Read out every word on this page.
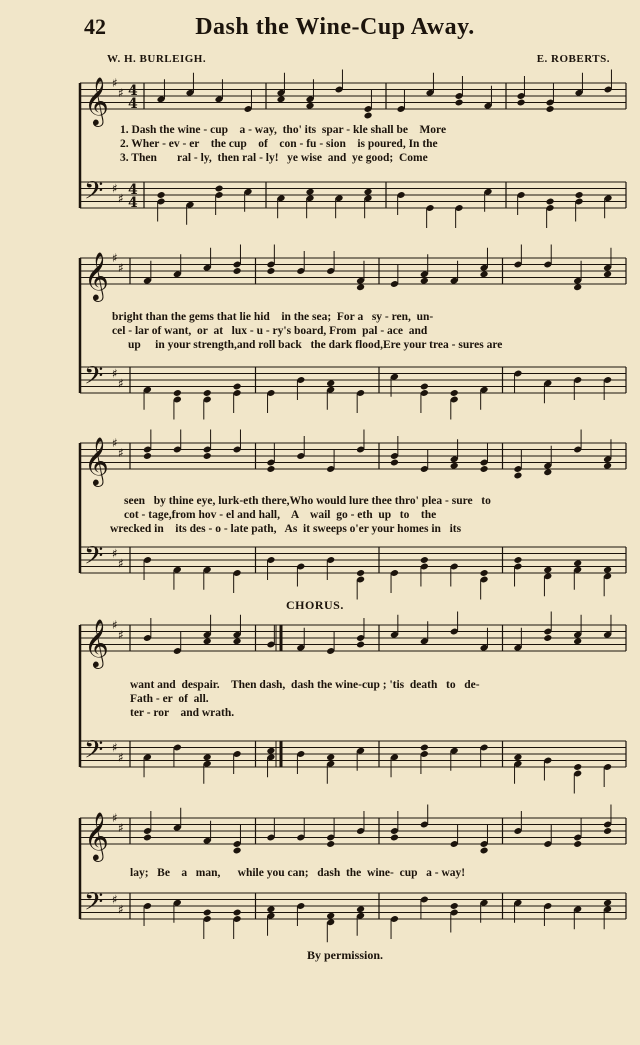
42	Dash the Wine-Cup Away.
W. H. BURLEIGH.	E. ROBERTS.
𝄞
𝄢
♯
♯
♯
♯
4
4
4
4
𝄞
𝄢
♯
♯
♯
♯
𝄞
𝄢
♯
♯
♯
♯
𝄞
𝄢
♯
♯
♯
♯
𝄞
𝄢
♯
♯
♯
♯
1. Dash the wine - cup    a - way,  tho' its  spar - kle shall be    More
2. Wher - ev - er    the cup    of    con - fu - sion    is poured, In the
3. Then       ral - ly,  then ral - ly!   ye wise  and  ye good;  Come
bright than the gems that lie hid    in the sea;  For a   sy - ren,  un-
cel - lar of want,  or  at   lux - u - ry's board, From  pal - ace  and
up     in your strength,and roll back   the dark flood,Ere your trea - sures are
seen   by thine eye, lurk-eth there,Who would lure thee thro' plea - sure   to
cot - tage,from hov - el and hall,    A    wail  go - eth  up   to    the
wrecked in    its des - o - late path,   As  it sweeps o'er your homes in   its
CHORUS.
want and  despair.    Then dash,  dash the wine-cup ; 'tis  death   to   de-
Fath - er  of  all.
ter - ror    and wrath.
lay;   Be    a   man,      while you can;   dash  the  wine-  cup   a - way!
By permission.
